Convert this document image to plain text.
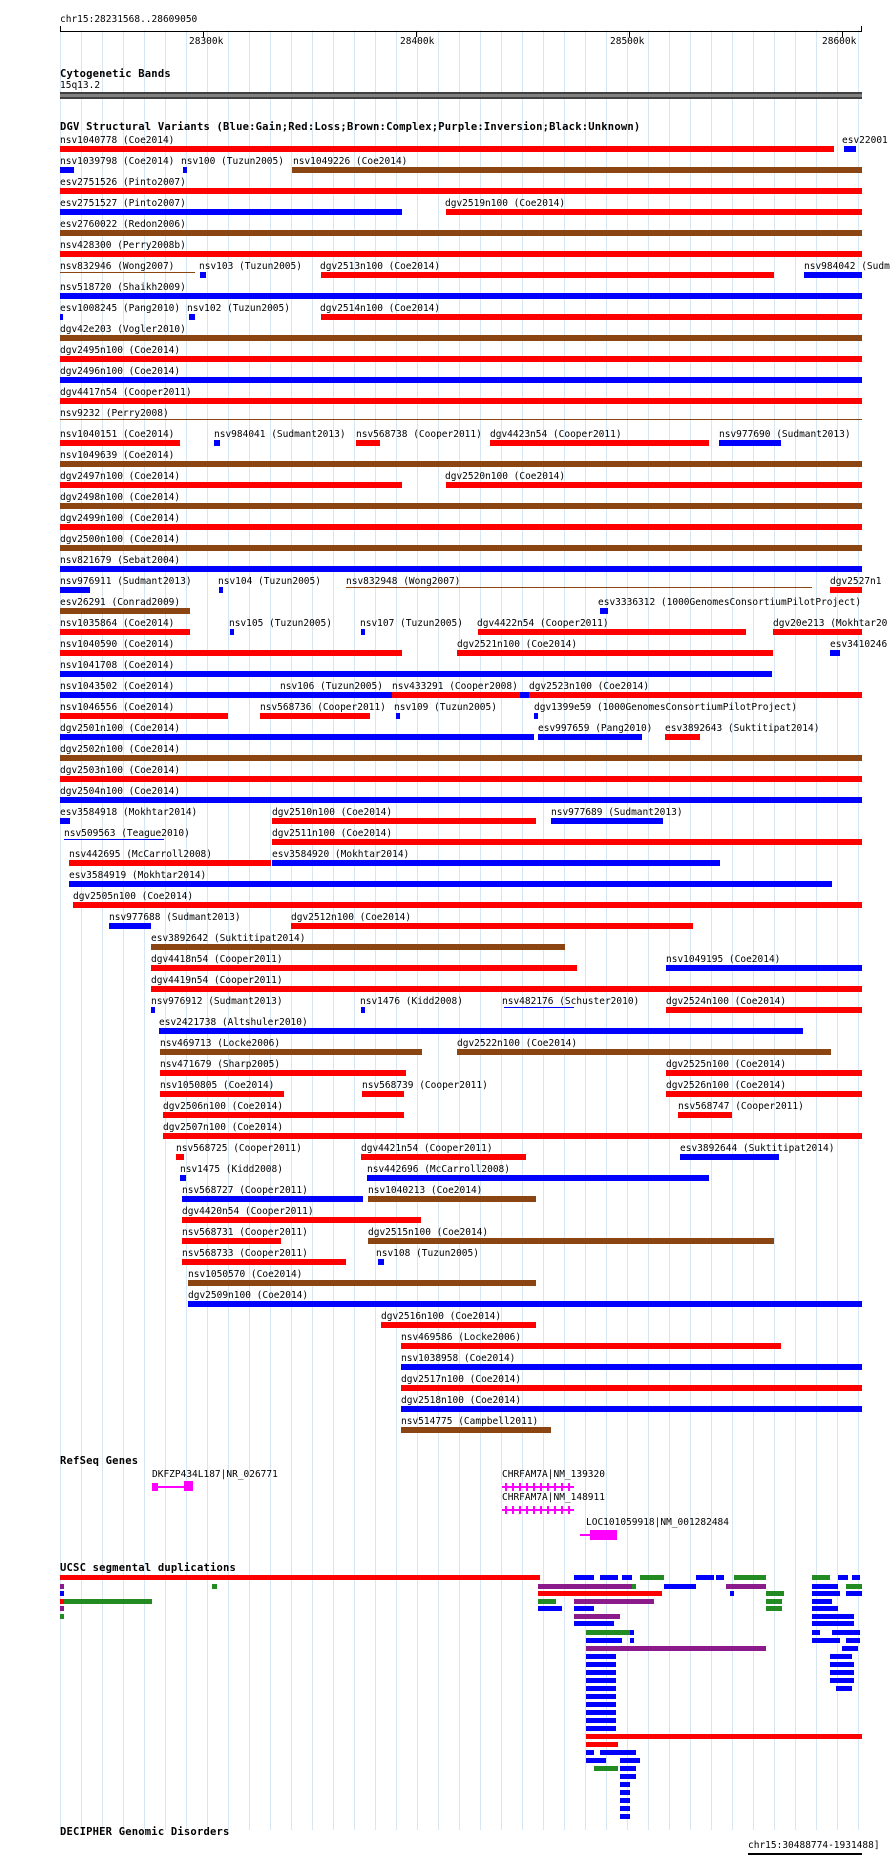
chr15:28231568..28609050
28300k	28400k	28500k	28600k
Cytogenetic Bands
15q13.2
DGV Structural Variants (Blue:Gain;Red:Loss;Brown:Complex;Purple:Inversion;Black:Unknown)
nsv1040778 (Coe2014)	esv22001
nsv1039798 (Coe2014) nsv100 (Tuzun2005) nsv1049226 (Coe2014)
esv2751526 (Pinto2007)
esv2751527 (Pinto2007)	dgv2519n100 (Coe2014)
esv2760022 (Redon2006)
nsv428300 (Perry2008b)
nsv832946 (Wong2007)	nsv103 (Tuzun2005) dgv2513n100 (Coe2014)	nsv984042 (Sudm
nsv518720 (Shaikh2009)
esv1008245 (Pang2010) nsv102 (Tuzun2005)	dgv2514n100 (Coe2014)
dgv42e203 (Vogler2010)
dgv2495n100 (Coe2014)
dgv2496n100 (Coe2014)
dgv4417n54 (Cooper2011)
nsv9232 (Perry2008)
nsv1040151 (Coe2014)	nsv984041 (Sudmant2013) nsv568738 (Cooper2011) dgv4423n54 (Cooper2011)	nsv977690 (Sudmant2013)
nsv1049639 (Coe2014)
dgv2497n100 (Coe2014)	dgv2520n100 (Coe2014)
dgv2498n100 (Coe2014)
dgv2499n100 (Coe2014)
dgv2500n100 (Coe2014)
nsv821679 (Sebat2004)
nsv976911 (Sudmant2013)	nsv104 (Tuzun2005)	nsv832948 (Wong2007)	dgv2527n1
esv26291 (Conrad2009)	esv3336312 (1000GenomesConsortiumPilotProject)
nsv1035864 (Coe2014)	nsv105 (Tuzun2005)	nsv107 (Tuzun2005) dgv4422n54 (Cooper2011)	dgv20e213 (Mokhtar20
nsv1040590 (Coe2014)	dgv2521n100 (Coe2014)	esv3410246
nsv1041708 (Coe2014)
nsv1043502 (Coe2014)	nsv106 (Tuzun2005) nsv433291 (Cooper2008) dgv2523n100 (Coe2014)
nsv1046556 (Coe2014)	nsv568736 (Cooper2011) nsv109 (Tuzun2005)	dgv1399e59 (1000GenomesConsortiumPilotProject)
dgv2501n100 (Coe2014)	esv997659 (Pang2010) esv3892643 (Suktitipat2014)
dgv2502n100 (Coe2014)
dgv2503n100 (Coe2014)
dgv2504n100 (Coe2014)
esv3584918 (Mokhtar2014)	dgv2510n100 (Coe2014)	nsv977689 (Sudmant2013)
nsv509563 (Teague2010)	dgv2511n100 (Coe2014)
nsv442695 (McCarroll2008)	esv3584920 (Mokhtar2014)
esv3584919 (Mokhtar2014)
dgv2505n100 (Coe2014)
nsv977688 (Sudmant2013)	dgv2512n100 (Coe2014)
esv3892642 (Suktitipat2014)
dgv4418n54 (Cooper2011)	nsv1049195 (Coe2014)
dgv4419n54 (Cooper2011)
nsv976912 (Sudmant2013)	nsv1476 (Kidd2008)	nsv482176 (Schuster2010)	dgv2524n100 (Coe2014)
esv2421738 (Altshuler2010)
nsv469713 (Locke2006)	dgv2522n100 (Coe2014)
nsv471679 (Sharp2005)	dgv2525n100 (Coe2014)
nsv1050805 (Coe2014)	nsv568739 (Cooper2011)	dgv2526n100 (Coe2014)
dgv2506n100 (Coe2014)	nsv568747 (Cooper2011)
dgv2507n100 (Coe2014)
nsv568725 (Cooper2011)	dgv4421n54 (Cooper2011)	esv3892644 (Suktitipat2014)
nsv1475 (Kidd2008)	nsv442696 (McCarroll2008)
nsv568727 (Cooper2011)	nsv1040213 (Coe2014)
dgv4420n54 (Cooper2011)
nsv568731 (Cooper2011)	dgv2515n100 (Coe2014)
nsv568733 (Cooper2011)	nsv108 (Tuzun2005)
nsv1050570 (Coe2014)
dgv2509n100 (Coe2014)
dgv2516n100 (Coe2014)
nsv469586 (Locke2006)
nsv1038958 (Coe2014)
dgv2517n100 (Coe2014)
dgv2518n100 (Coe2014)
nsv514775 (Campbell2011)
RefSeq Genes
DKFZP434L187|NR_026771	CHRFAM7A|NM_139320
CHRFAM7A|NM_148911
LOC101059918|NM_001282484
UCSC segmental duplications
DECIPHER Genomic Disorders
chr15:30488774-1931488]
